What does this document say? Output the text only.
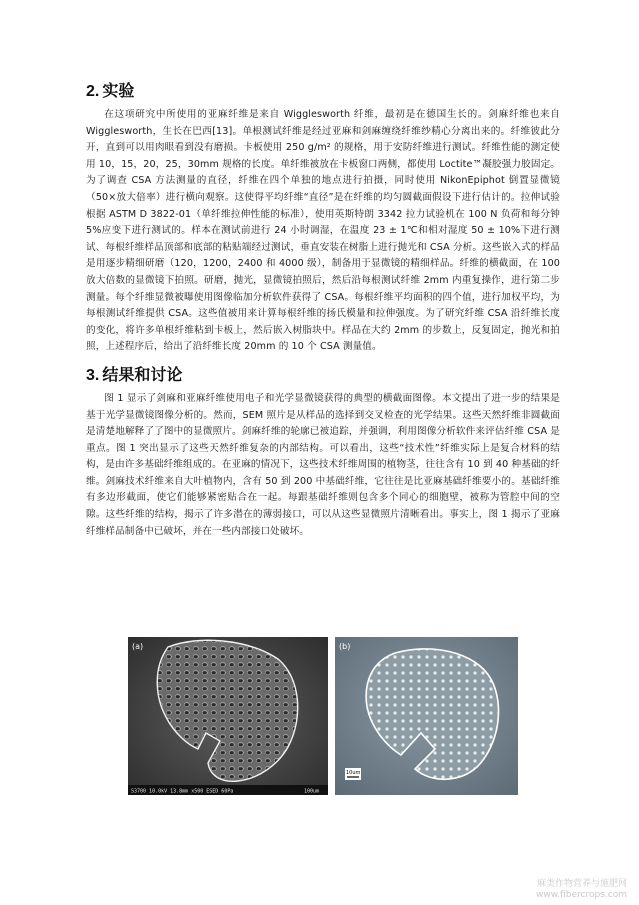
2. 实验

在这项研究中所使用的亚麻纤维是来自 Wigglesworth 纤维，最初是在德国生长的。剑麻纤维也来自 Wigglesworth，生长在巴西[13]。单根测试纤维是经过亚麻和剑麻缠绕纤维纱精心分离出来的。纤维彼此分开，直到可以用肉眼看到没有磨损。卡板使用 250 g/m² 的规格，用于安防纤维进行测试。纤维性能的测定使用 10，15，20，25，30mm 规格的长度。单纤维被放在卡板窗口两侧，都使用 Loctite™凝胶强力胶固定。为了调查 CSA 方法测量的直径，纤维在四个单独的地点进行拍摄，同时使用 NikonEpiphot 倒置显微镜（50×放大倍率）进行横向观察。这使得平均纤维“直径”是在纤维的均匀圆截面假设下进行估计的。拉伸试验根据 ASTM D 3822-01（单纤维拉伸性能的标准），使用英斯特朗 3342 拉力试验机在 100 N 负荷和每分钟 5%应变下进行测试的。样本在测试前进行 24 小时调湿，在温度 23 ± 1℃和相对湿度 50 ± 10%下进行测试、每根纤维样品顶部和底部的粘贴端经过测试，垂直安装在树脂上进行抛光和 CSA 分析。这些嵌入式的样品是用逐步精细研磨（120，1200，2400 和 4000 级），制备用于显微镜的精细样品。纤维的横截面，在 100 放大倍数的显微镜下拍照。研磨，抛光，显微镜拍照后，然后沿每根测试纤维 2mm 内重复操作，进行第二步测量。每个纤维显微被曝使用图像临加分析软件获得了 CSA。每根纤维平均面积的四个值，进行加权平均，为每根测试纤维提供 CSA。这些值被用来计算每根纤维的扬氏模量和拉伸强度。为了研究纤维 CSA 沿纤维长度的变化，将许多单根纤维粘到卡板上，然后嵌入树脂块中。样品在大约 2mm 的步数上，反复固定，抛光和拍照，上述程序后，给出了沿纤维长度 20mm 的 10 个 CSA 测量值。

3. 结果和讨论

图 1 显示了剑麻和亚麻纤维使用电子和光学显微镜获得的典型的横截面图像。本文提出了进一步的结果是基于光学显微镜图像分析的。然而，SEM 照片是从样品的选择到交叉检查的光学结果。这些天然纤维非圆截面是清楚地解释了了图中的显微照片。剑麻纤维的轮廓已被追踪，并强调，利用图像分析软件来评估纤维 CSA 是重点。图 1 突出显示了这些天然纤维复杂的内部结构。可以看出，这些“技术性”纤维实际上是复合材料的结构，是由许多基础纤维组成的。在亚麻的情况下，这些技术纤维周围的植物茎，往往含有 10 到 40 种基础的纤维。剑麻技术纤维来自大叶植物内，含有 50 到 200 中基础纤维，它往往是比亚麻基础纤维要小的。基础纤维有多边形截面，使它们能够紧密贴合在一起。每跟基础纤维则包含多个同心的细胞壁，被称为管腔中间的空隙。这些纤维的结构，揭示了许多潜在的薄弱接口，可以从这些显微照片清晰看出。事实上，图 1 揭示了亚麻纤维样品制备中已破坏，并在一些内部接口处破坏。

(a)
S3700 10.0kV 13.8mm x500 ESED 60Pa	100um
(b)
10um
麻类作物营养与施肥网
www.fibercrops.com
